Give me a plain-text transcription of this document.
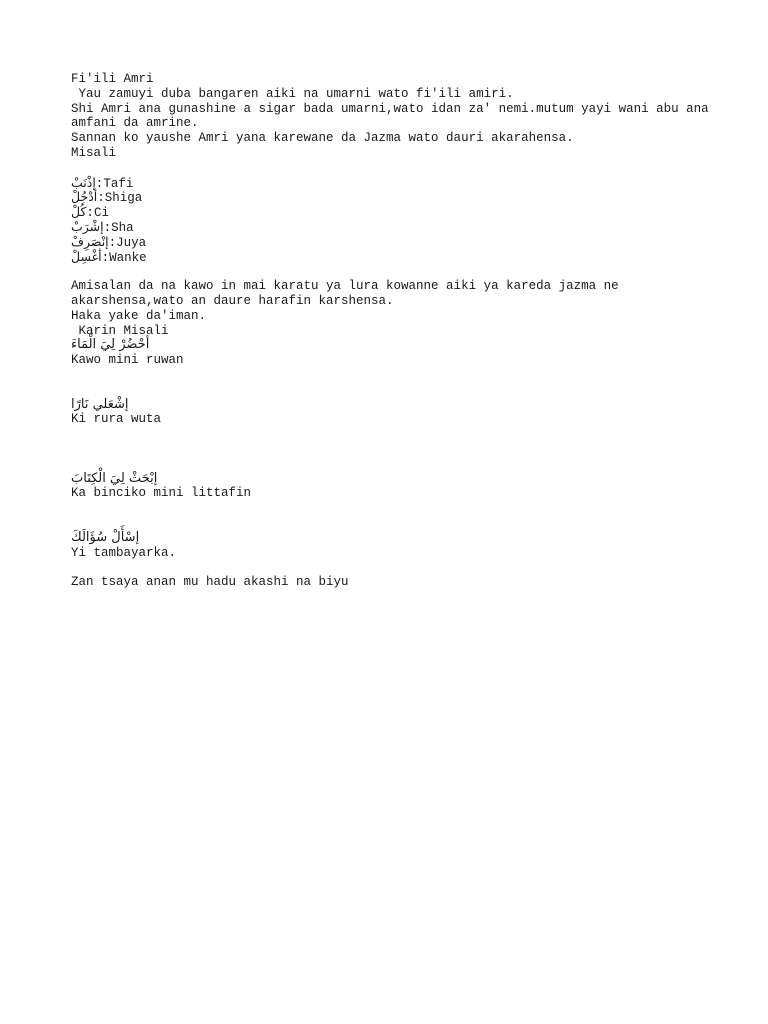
Fi'ili Amri
Yau zamuyi duba bangaren aiki na umarni wato fi'ili amiri.
Shi Amri ana gunashine a sigar bada umarni,wato idan za' nemi.mutum yayi wani abu ana amfani da amrine.
Sannan ko yaushe Amri yana karewane da Jazma wato dauri akarahensa.
Misali
إذْنَبْ : Tafi
أدْجُلْ : Shiga
كُلْ : Ci
إشْرَبْ : Sha
إنْصَرِفْ : Juya
أغْسِلْ : Wanke
Amisalan da na kawo in mai karatu ya lura kowanne aiki ya kareda jazma ne akarshensa,wato an daure harafin karshensa.
Haka yake da'iman.
Karin Misali
أحْضُرْ لِيَ الْمَاءَ
Kawo mini ruwan
إشْعَلي نَارًا
Ki rura wuta
إبْحَثْ لِيَ الْكِتَابَ
Ka binciko mini littafin
إسْأَلْ سُؤَالَكَ
Yi tambayarka.
Zan tsaya anan mu hadu akashi na biyu
